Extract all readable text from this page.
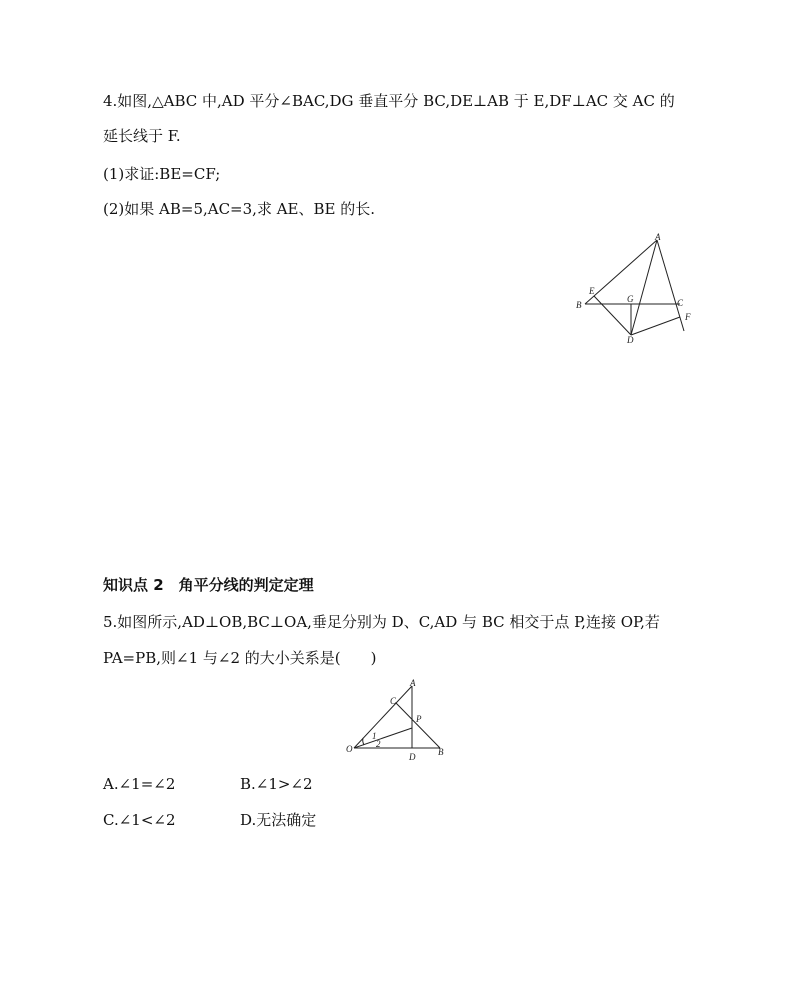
4.如图,△ABC 中,AD 平分∠BAC,DG 垂直平分 BC,DE⊥AB 于 E,DF⊥AC 交 AC 的
延长线于 F.
(1)求证:BE=CF;
(2)如果 AB=5,AC=3,求 AE、BE 的长.
A
B	C
D
E
F
G
知识点 2　角平分线的判定定理
5.如图所示,AD⊥OB,BC⊥OA,垂足分别为 D、C,AD 与 BC 相交于点 P,连接 OP,若
PA=PB,则∠1 与∠2 的大小关系是(　　)
A
B
C
D
O
P
1
2
A.∠1=∠2	B.∠1>∠2
C.∠1<∠2	D.无法确定
